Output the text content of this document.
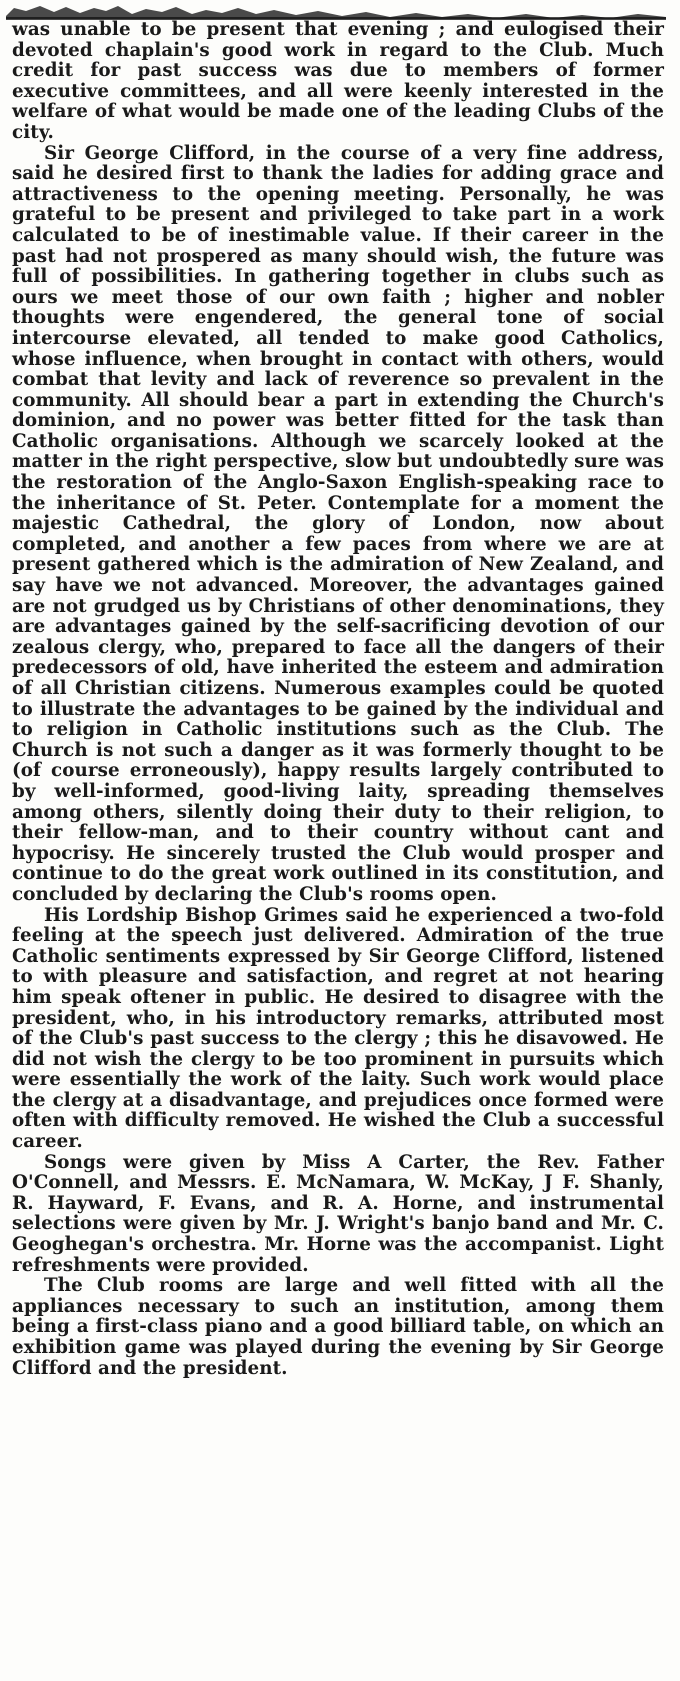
was unable to be present that evening ; and eulogised their devoted chaplain's good work in regard to the Club. Much credit for past success was due to members of former executive committees, and all were keenly interested in the welfare of what would be made one of the leading Clubs of the city.

Sir George Clifford, in the course of a very fine address, said he desired first to thank the ladies for adding grace and attractiveness to the opening meeting. Personally, he was grateful to be present and privileged to take part in a work calculated to be of inestimable value. If their career in the past had not prospered as many should wish, the future was full of possibilities. In gathering together in clubs such as ours we meet those of our own faith ; higher and nobler thoughts were engendered, the general tone of social intercourse elevated, all tended to make good Catholics, whose influence, when brought in contact with others, would combat that levity and lack of reverence so prevalent in the community. All should bear a part in extending the Church's dominion, and no power was better fitted for the task than Catholic organisations. Although we scarcely looked at the matter in the right perspective, slow but undoubtedly sure was the restoration of the Anglo-Saxon English-speaking race to the inheritance of St. Peter. Contemplate for a moment the majestic Cathedral, the glory of London, now about completed, and another a few paces from where we are at present gathered which is the admiration of New Zealand, and say have we not advanced. Moreover, the advantages gained are not grudged us by Christians of other denominations, they are advantages gained by the self-sacrificing devotion of our zealous clergy, who, prepared to face all the dangers of their predecessors of old, have inherited the esteem and admiration of all Christian citizens. Numerous examples could be quoted to illustrate the advantages to be gained by the individual and to religion in Catholic institutions such as the Club. The Church is not such a danger as it was formerly thought to be (of course erroneously), happy results largely contributed to by well-informed, good-living laity, spreading themselves among others, silently doing their duty to their religion, to their fellow-man, and to their country without cant and hypocrisy. He sincerely trusted the Club would prosper and continue to do the great work outlined in its constitution, and concluded by declaring the Club's rooms open.

His Lordship Bishop Grimes said he experienced a two-fold feeling at the speech just delivered. Admiration of the true Catholic sentiments expressed by Sir George Clifford, listened to with pleasure and satisfaction, and regret at not hearing him speak oftener in public. He desired to disagree with the president, who, in his introductory remarks, attributed most of the Club's past success to the clergy ; this he disavowed. He did not wish the clergy to be too prominent in pursuits which were essentially the work of the laity. Such work would place the clergy at a disadvantage, and prejudices once formed were often with difficulty removed. He wished the Club a successful career.

Songs were given by Miss A Carter, the Rev. Father O'Connell, and Messrs. E. McNamara, W. McKay, J F. Shanly, R. Hayward, F. Evans, and R. A. Horne, and instrumental selections were given by Mr. J. Wright's banjo band and Mr. C. Geoghegan's orchestra. Mr. Horne was the accompanist. Light refreshments were provided.

The Club rooms are large and well fitted with all the appliances necessary to such an institution, among them being a first-class piano and a good billiard table, on which an exhibition game was played during the evening by Sir George Clifford and the president.
